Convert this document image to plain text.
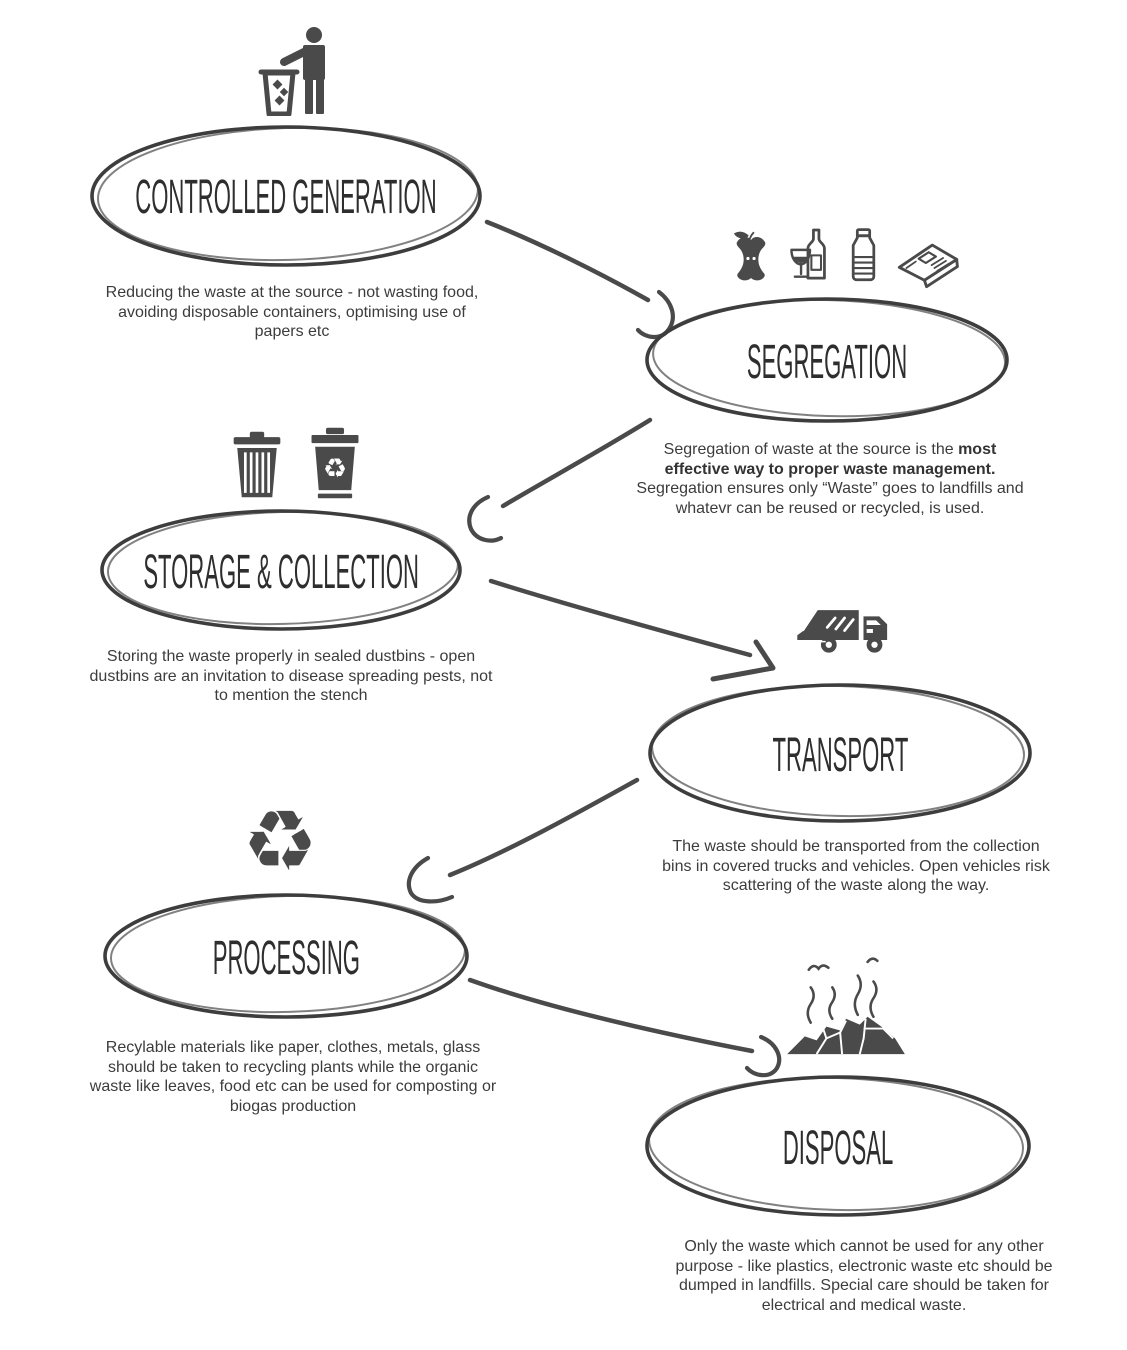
CONTROLLED GENERATION

Reducing the waste at the source - not wasting food, avoiding disposable containers, optimising use of papers etc

SEGREGATION

Segregation of waste at the source is the most effective way to proper waste management. Segregation ensures only “Waste” goes to landfills and whatevr can be reused or recycled, is used.

♻
STORAGE & COLLECTION

Storing the waste properly in sealed dustbins - open dustbins are an invitation to disease spreading pests, not to mention the stench

TRANSPORT

The waste should be transported from the collection bins in covered trucks and vehicles. Open vehicles risk scattering of the waste along the way.

♻
PROCESSING

Recylable materials like paper, clothes, metals, glass should be taken to recycling plants while the organic waste like leaves, food etc can be used for composting or biogas production

DISPOSAL

Only the waste which cannot be used for any other purpose - like plastics, electronic waste etc should be dumped in landfills. Special care should be taken for electrical and medical waste.
